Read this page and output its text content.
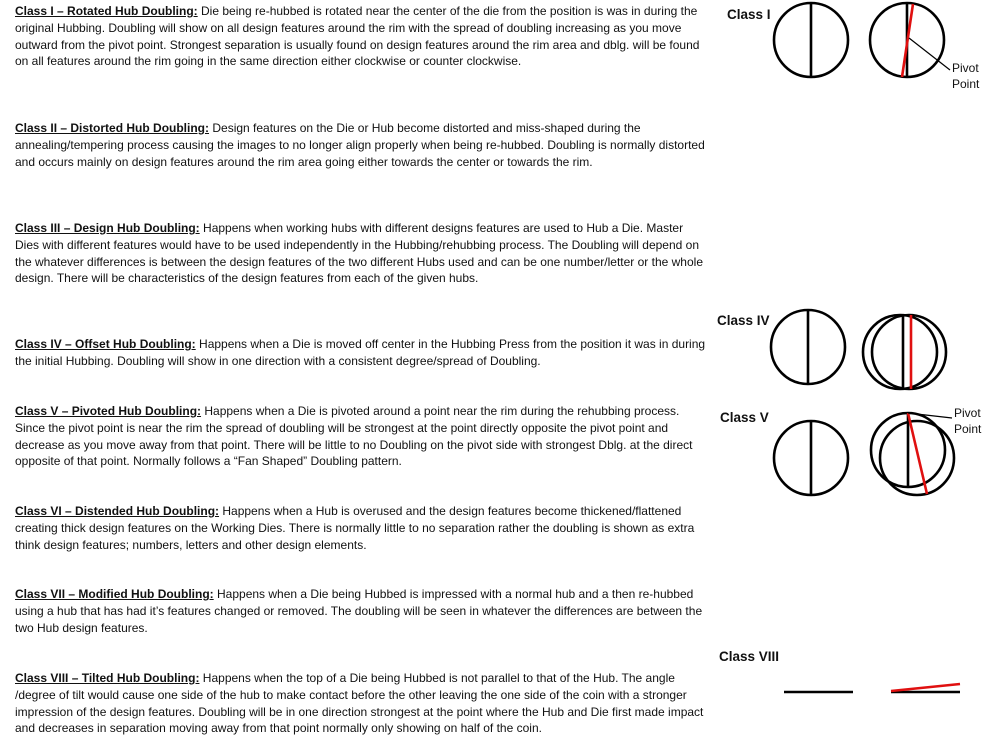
Class I – Rotated Hub Doubling: Die being re-hubbed is rotated near the center of the die from the position is was in during the original Hubbing. Doubling will show on all design features around the rim with the spread of doubling increasing as you move outward from the pivot point. Strongest separation is usually found on design features around the rim area and dblg. will be found on all features around the rim going in the same direction either clockwise or counter clockwise.

Class II – Distorted Hub Doubling: Design features on the Die or Hub become distorted and miss-shaped during the annealing/tempering process causing the images to no longer align properly when being re-hubbed. Doubling is normally distorted and occurs mainly on design features around the rim area going either towards the center or towards the rim.

Class III – Design Hub Doubling: Happens when working hubs with different designs features are used to Hub a Die. Master Dies with different features would have to be used independently in the Hubbing/rehubbing process. The Doubling will depend on the whatever differences is between the design features of the two different Hubs used and can be one number/letter or the whole design. There will be characteristics of the design features from each of the given hubs.

Class IV – Offset Hub Doubling: Happens when a Die is moved off center in the Hubbing Press from the position it was in during the initial Hubbing. Doubling will show in one direction with a consistent degree/spread of Doubling.

Class V – Pivoted Hub Doubling: Happens when a Die is pivoted around a point near the rim during the rehubbing process. Since the pivot point is near the rim the spread of doubling will be strongest at the point directly opposite the pivot point and decrease as you move away from that point. There will be little to no Doubling on the pivot side with strongest Dblg. at the direct opposite of that point. Normally follows a “Fan Shaped” Doubling pattern.

Class VI – Distended Hub Doubling: Happens when a Hub is overused and the design features become thickened/flattened creating thick design features on the Working Dies. There is normally little to no separation rather the doubling is shown as extra think design features; numbers, letters and other design elements.

Class VII – Modified Hub Doubling: Happens when a Die being Hubbed is impressed with a normal hub and a then re-hubbed using a hub that has had it’s features changed or removed. The doubling will be seen in whatever the differences are between the two Hub design features.

Class VIII – Tilted Hub Doubling: Happens when the top of a Die being Hubbed is not parallel to that of the Hub. The angle /degree of tilt would cause one side of the hub to make contact before the other leaving the one side of the coin with a stronger impression of the design features. Doubling will be in one direction strongest at the point where the Hub and Die first made impact and decreases in separation moving away from that point normally only showing on half of the coin.

Class I
Class IV
Class V
Class VIII
Pivot
Point
Pivot
Point
